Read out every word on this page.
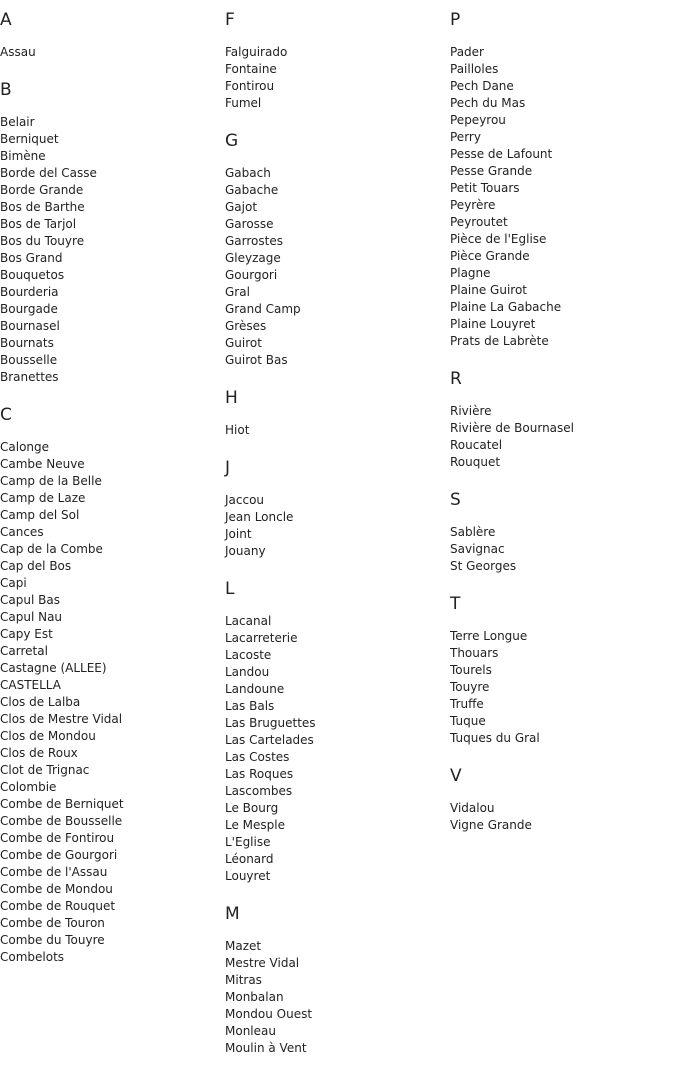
A
Assau
B
Belair
Berniquet
Bimène
Borde del Casse
Borde Grande
Bos de Barthe
Bos de Tarjol
Bos du Touyre
Bos Grand
Bouquetos
Bourderia
Bourgade
Bournasel
Bournats
Bousselle
Branettes
C
Calonge
Cambe Neuve
Camp de la Belle
Camp de Laze
Camp del Sol
Cances
Cap de la Combe
Cap del Bos
Capi
Capul Bas
Capul Nau
Capy Est
Carretal
Castagne (ALLEE)
CASTELLA
Clos de Lalba
Clos de Mestre Vidal
Clos de Mondou
Clos de Roux
Clot de Trignac
Colombie
Combe de Berniquet
Combe de Bousselle
Combe de Fontirou
Combe de Gourgori
Combe de l'Assau
Combe de Mondou
Combe de Rouquet
Combe de Touron
Combe du Touyre
Combelots
F
Falguirado
Fontaine
Fontirou
Fumel
G
Gabach
Gabache
Gajot
Garosse
Garrostes
Gleyzage
Gourgori
Gral
Grand Camp
Grèses
Guirot
Guirot Bas
H
Hiot
J
Jaccou
Jean Loncle
Joint
Jouany
L
Lacanal
Lacarreterie
Lacoste
Landou
Landoune
Las Bals
Las Bruguettes
Las Cartelades
Las Costes
Las Roques
Lascombes
Le Bourg
Le Mesple
L'Eglise
Léonard
Louyret
M
Mazet
Mestre Vidal
Mitras
Monbalan
Mondou Ouest
Monleau
Moulin à Vent
P
Pader
Pailloles
Pech Dane
Pech du Mas
Pepeyrou
Perry
Pesse de Lafount
Pesse Grande
Petit Touars
Peyrère
Peyroutet
Pièce de l'Eglise
Pièce Grande
Plagne
Plaine Guirot
Plaine La Gabache
Plaine Louyret
Prats de Labrète
R
Rivière
Rivière de Bournasel
Roucatel
Rouquet
S
Sablère
Savignac
St Georges
T
Terre Longue
Thouars
Tourels
Touyre
Truffe
Tuque
Tuques du Gral
V
Vidalou
Vigne Grande
